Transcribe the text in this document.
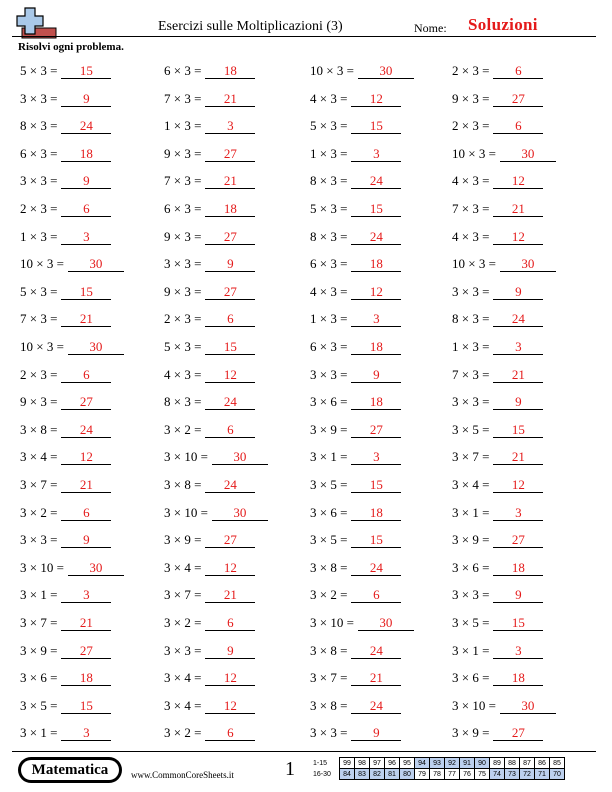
Esercizi sulle Moltiplicazioni (3)	Nome: Soluzioni
Risolvi ogni problema.
5 × 3 = 15	6 × 3 = 18	10 × 3 = 30	2 × 3 = 6
3 × 3 = 9	7 × 3 = 21	4 × 3 = 12	9 × 3 = 27
8 × 3 = 24	1 × 3 = 3	5 × 3 = 15	2 × 3 = 6
6 × 3 = 18	9 × 3 = 27	1 × 3 = 3	10 × 3 = 30
3 × 3 = 9	7 × 3 = 21	8 × 3 = 24	4 × 3 = 12
2 × 3 = 6	6 × 3 = 18	5 × 3 = 15	7 × 3 = 21
1 × 3 = 3	9 × 3 = 27	8 × 3 = 24	4 × 3 = 12
10 × 3 = 30	3 × 3 = 9	6 × 3 = 18	10 × 3 = 30
5 × 3 = 15	9 × 3 = 27	4 × 3 = 12	3 × 3 = 9
7 × 3 = 21	2 × 3 = 6	1 × 3 = 3	8 × 3 = 24
10 × 3 = 30	5 × 3 = 15	6 × 3 = 18	1 × 3 = 3
2 × 3 = 6	4 × 3 = 12	3 × 3 = 9	7 × 3 = 21
9 × 3 = 27	8 × 3 = 24	3 × 6 = 18	3 × 3 = 9
3 × 8 = 24	3 × 2 = 6	3 × 9 = 27	3 × 5 = 15
3 × 4 = 12	3 × 10 = 30	3 × 1 = 3	3 × 7 = 21
3 × 7 = 21	3 × 8 = 24	3 × 5 = 15	3 × 4 = 12
3 × 2 = 6	3 × 10 = 30	3 × 6 = 18	3 × 1 = 3
3 × 3 = 9	3 × 9 = 27	3 × 5 = 15	3 × 9 = 27
3 × 10 = 30	3 × 4 = 12	3 × 8 = 24	3 × 6 = 18
3 × 1 = 3	3 × 7 = 21	3 × 2 = 6	3 × 3 = 9
3 × 7 = 21	3 × 2 = 6	3 × 10 = 30	3 × 5 = 15
3 × 9 = 27	3 × 3 = 9	3 × 8 = 24	3 × 1 = 3
3 × 6 = 18	3 × 4 = 12	3 × 7 = 21	3 × 6 = 18
3 × 5 = 15	3 × 4 = 12	3 × 8 = 24	3 × 10 = 30
3 × 1 = 3	3 × 2 = 6	3 × 3 = 9	3 × 9 = 27
Matematica	www.CommonCoreSheets.it	1	1-15	99	98	97	96	95	94	93	92	91	90	89	88	87	86	85
16-30	84	83	82	81	80	79	78	77	76	75	74	73	72	71	70
